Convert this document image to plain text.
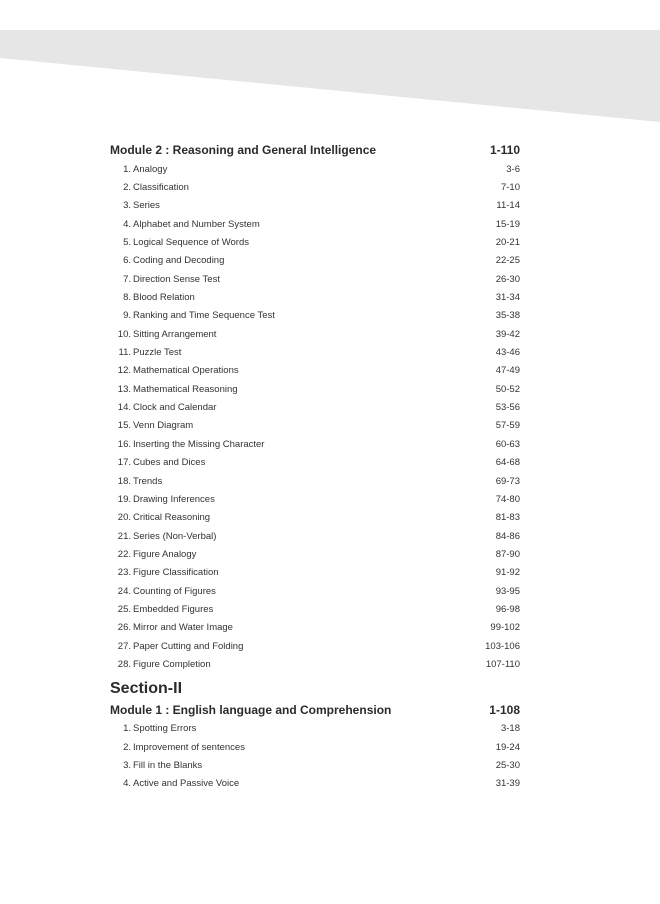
Module 2 : Reasoning and General Intelligence	1-110
1. Analogy	3-6
2. Classification	7-10
3. Series	11-14
4. Alphabet and Number System	15-19
5. Logical Sequence of Words	20-21
6. Coding and Decoding	22-25
7. Direction Sense Test	26-30
8. Blood Relation	31-34
9. Ranking and Time Sequence Test	35-38
10. Sitting Arrangement	39-42
11. Puzzle Test	43-46
12. Mathematical Operations	47-49
13. Mathematical Reasoning	50-52
14. Clock and Calendar	53-56
15. Venn Diagram	57-59
16. Inserting the Missing Character	60-63
17. Cubes and Dices	64-68
18. Trends	69-73
19. Drawing Inferences	74-80
20. Critical Reasoning	81-83
21. Series (Non-Verbal)	84-86
22. Figure Analogy	87-90
23. Figure Classification	91-92
24. Counting of Figures	93-95
25. Embedded Figures	96-98
26. Mirror and Water Image	99-102
27. Paper Cutting and Folding	103-106
28. Figure Completion	107-110
Section-II
Module 1 : English language and Comprehension	1-108
1. Spotting Errors	3-18
2. Improvement of sentences	19-24
3. Fill in the Blanks	25-30
4. Active and Passive Voice	31-39
